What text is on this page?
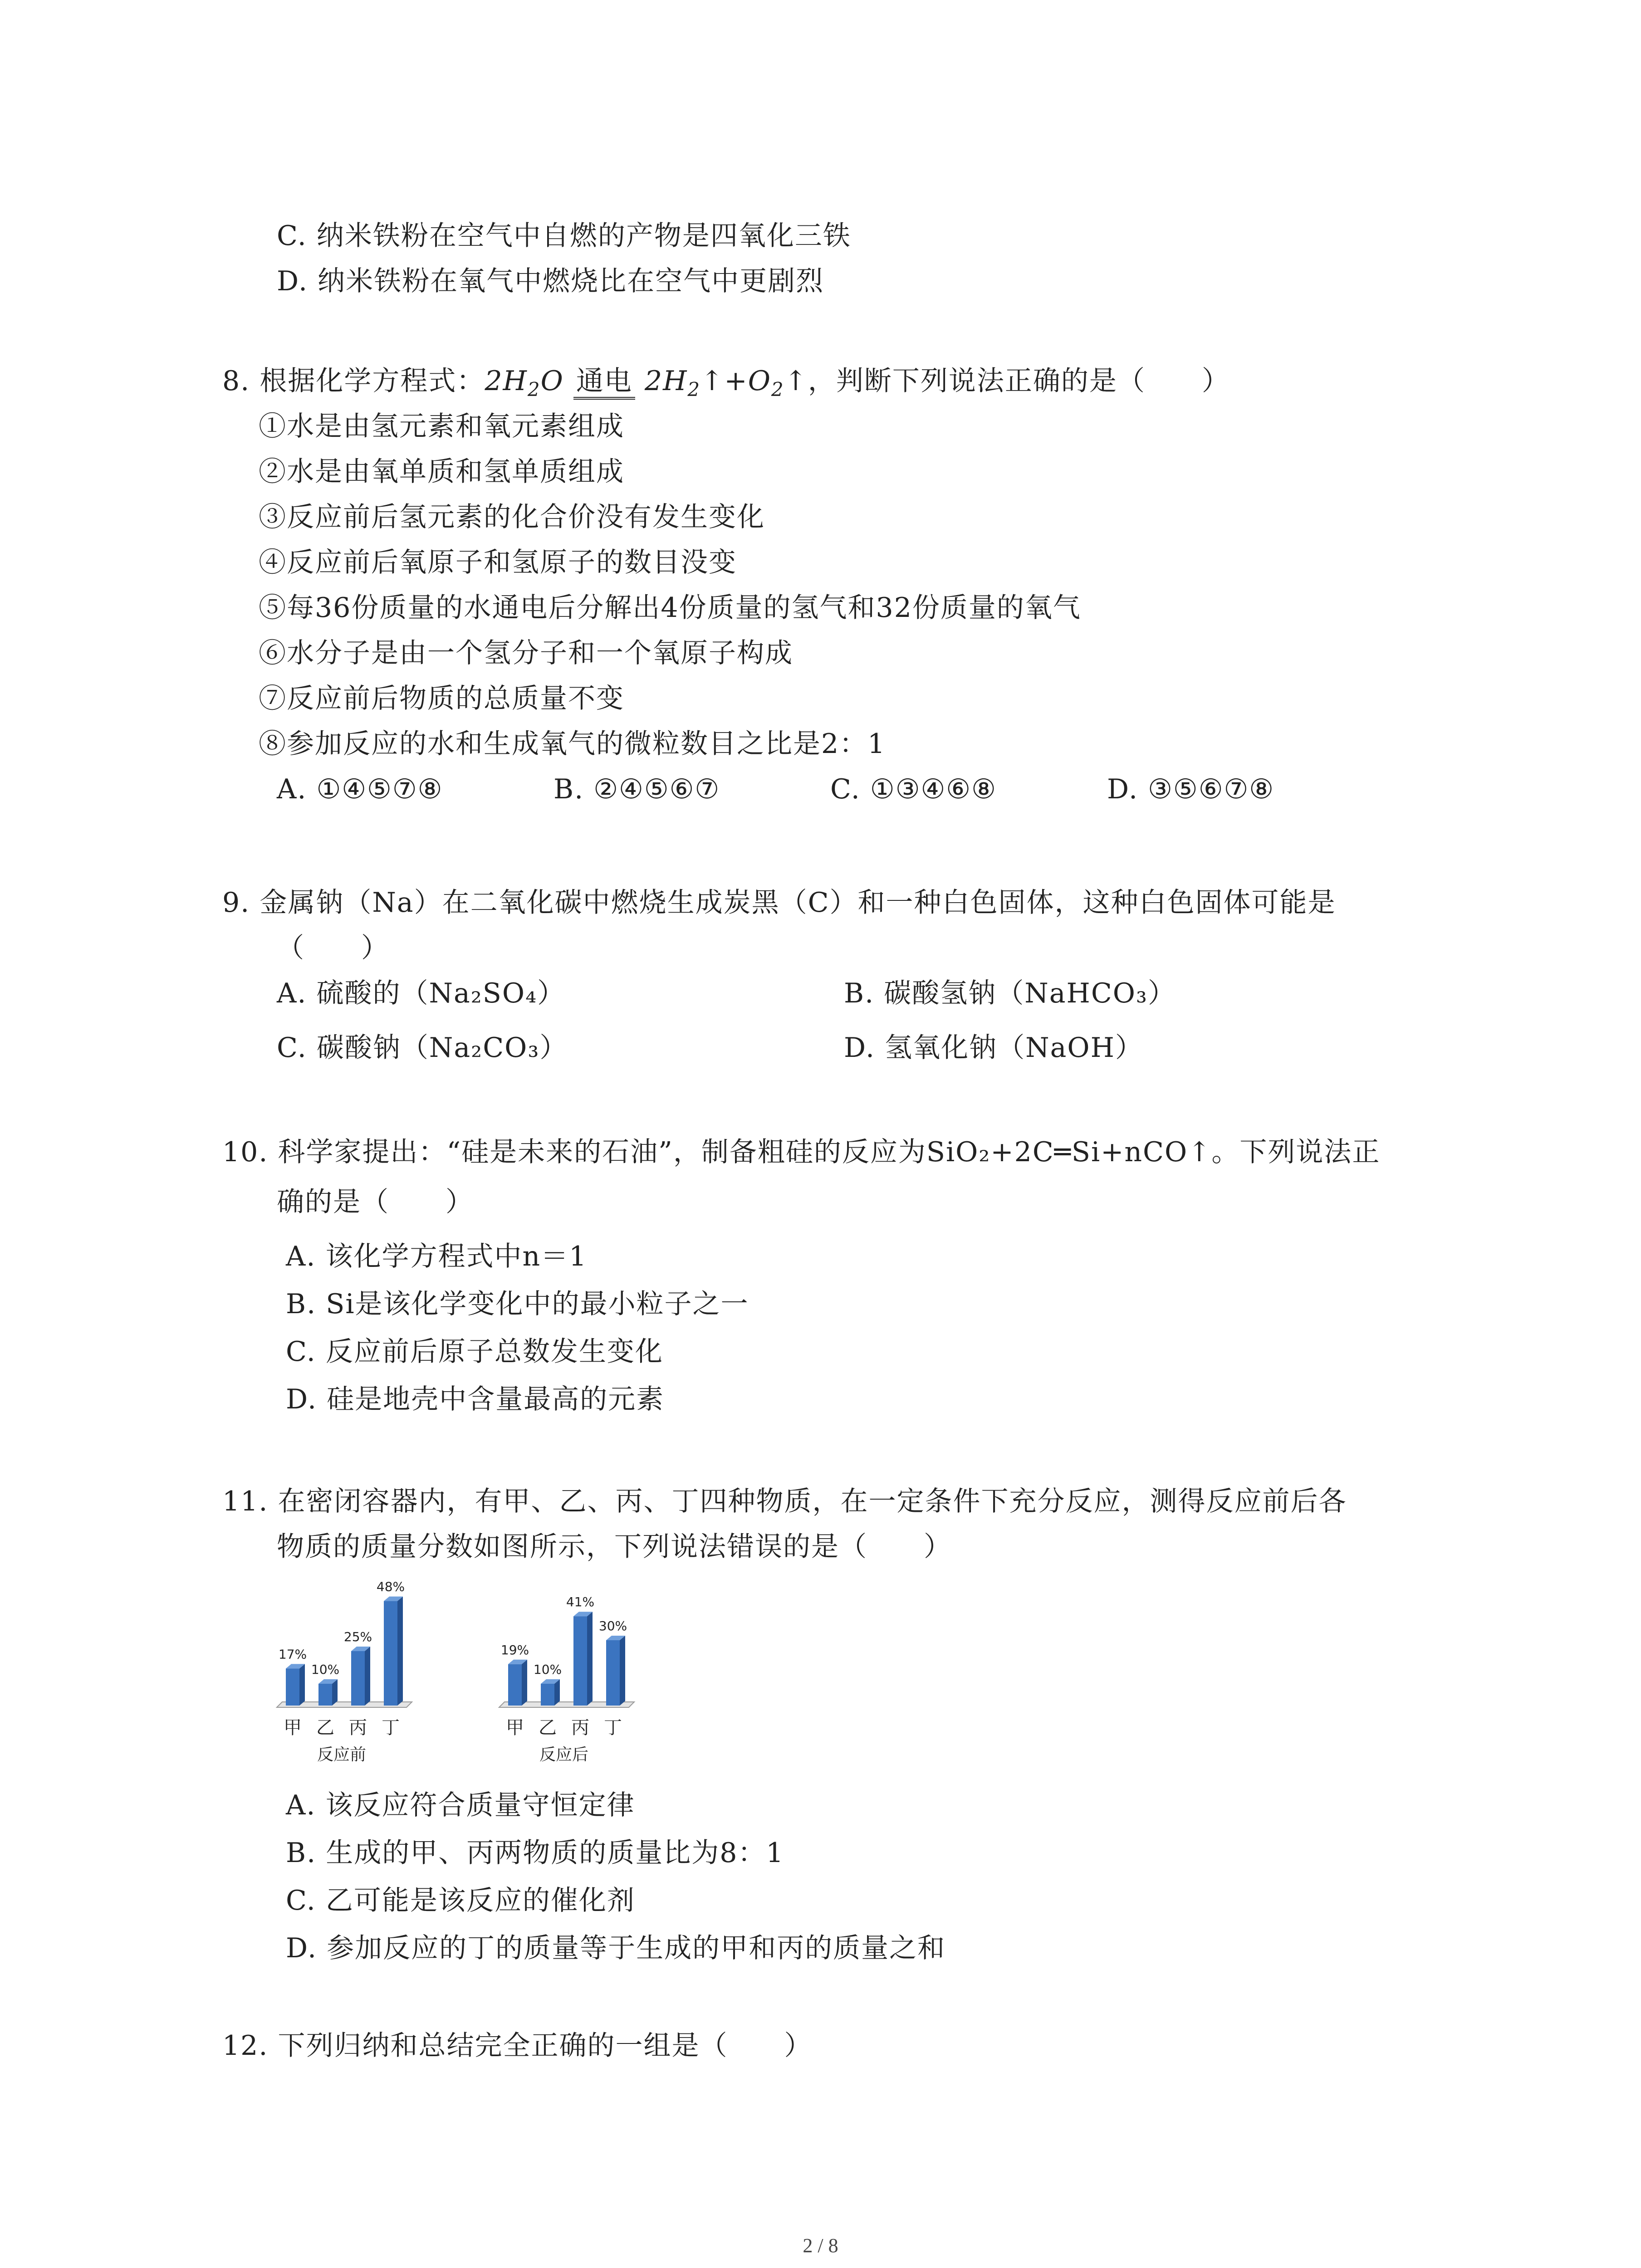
C. 纳米铁粉在空气中自燃的产物是四氧化三铁
D. 纳米铁粉在氧气中燃烧比在空气中更剧烈
8. 根据化学方程式：$2H_2O$ 通电 $2H_2↑+O_2↑$，判断下列说法正确的是（　　）
①水是由氢元素和氧元素组成
②水是由氧单质和氢单质组成
③反应前后氢元素的化合价没有发生变化
④反应前后氧原子和氢原子的数目没变
⑤每36份质量的水通电后分解出4份质量的氢气和32份质量的氧气
⑥水分子是由一个氢分子和一个氧原子构成
⑦反应前后物质的总质量不变
⑧参加反应的水和生成氧气的微粒数目之比是2：1
A. ①④⑤⑦⑧	B. ②④⑤⑥⑦	C. ①③④⑥⑧	D. ③⑤⑥⑦⑧
9. 金属钠（Na）在二氧化碳中燃烧生成炭黑（C）和一种白色固体，这种白色固体可能是
（　　）
A. 硫酸的（Na₂SO₄）	B. 碳酸氢钠（NaHCO₃）
C. 碳酸钠（Na₂CO₃）	D. 氢氧化钠（NaOH）
10. 科学家提出：“硅是未来的石油”，制备粗硅的反应为SiO₂+2C═Si+nCO↑。下列说法正
确的是（　　）
A. 该化学方程式中n＝1
B. Si是该化学变化中的最小粒子之一
C. 反应前后原子总数发生变化
D. 硅是地壳中含量最高的元素
11. 在密闭容器内，有甲、乙、丙、丁四种物质，在一定条件下充分反应，测得反应前后各
物质的质量分数如图所示，下列说法错误的是（　　）
17%
甲
10%
乙
25%
丙
48%
丁
反应前
19%
甲
10%
乙
41%
丙
30%
丁
反应后
A. 该反应符合质量守恒定律
B. 生成的甲、丙两物质的质量比为8：1
C. 乙可能是该反应的催化剂
D. 参加反应的丁的质量等于生成的甲和丙的质量之和
12. 下列归纳和总结完全正确的一组是（　　）
2 / 8
